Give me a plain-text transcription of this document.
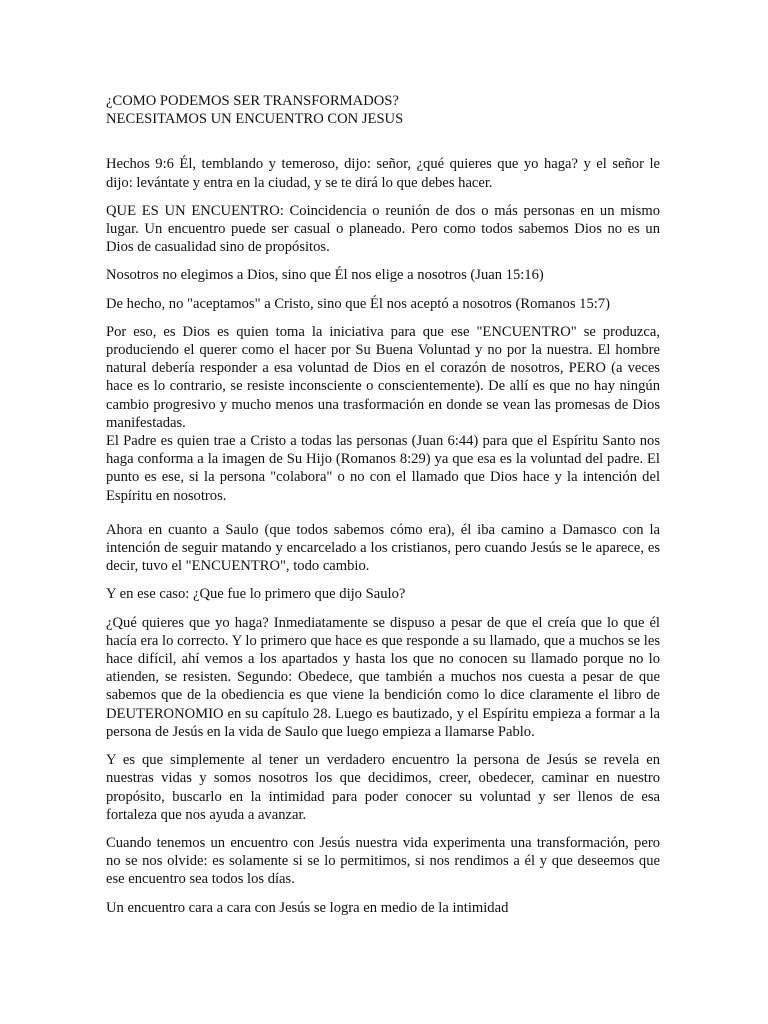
¿COMO PODEMOS SER TRANSFORMADOS?

NECESITAMOS UN ENCUENTRO CON JESUS

Hechos 9:6 Él, temblando y temeroso, dijo: señor, ¿qué quieres que yo haga? y el señor le dijo: levántate y entra en la ciudad, y se te dirá lo que debes hacer.

QUE ES UN ENCUENTRO: Coincidencia o reunión de dos o más personas en un mismo lugar. Un encuentro puede ser casual o planeado. Pero como todos sabemos Dios no es un Dios de casualidad sino de propósitos.

Nosotros no elegimos a Dios, sino que Él nos elige a nosotros (Juan 15:16)

De hecho, no "aceptamos" a Cristo, sino que Él nos aceptó a nosotros (Romanos 15:7)

Por eso, es Dios es quien toma la iniciativa para que ese "ENCUENTRO" se produzca, produciendo el querer como el hacer por Su Buena Voluntad y no por la nuestra. El hombre natural debería responder a esa voluntad de Dios en el corazón de nosotros, PERO (a veces hace es lo contrario, se resiste inconsciente o conscientemente). De allí es que no hay ningún cambio progresivo y mucho menos una trasformación en donde se vean las promesas de Dios manifestadas.

El Padre es quien trae a Cristo a todas las personas (Juan 6:44) para que el Espíritu Santo nos haga conforma a la imagen de Su Hijo (Romanos 8:29) ya que esa es la voluntad del padre. El punto es ese, si la persona "colabora" o no con el llamado que Dios hace y la intención del Espíritu en nosotros.

Ahora en cuanto a Saulo (que todos sabemos cómo era), él iba camino a Damasco con la intención de seguir matando y encarcelado a los cristianos, pero cuando Jesús se le aparece, es decir, tuvo el "ENCUENTRO", todo cambio.

Y en ese caso: ¿Que fue lo primero que dijo Saulo?

¿Qué quieres que yo haga? Inmediatamente se dispuso a pesar de que el creía que lo que él hacía era lo correcto. Y lo primero que hace es que responde a su llamado, que a muchos se les hace difícil, ahí vemos a los apartados y hasta los que no conocen su llamado porque no lo atienden, se resisten. Segundo: Obedece, que también a muchos nos cuesta a pesar de que sabemos que de la obediencia es que viene la bendición como lo dice claramente el libro de DEUTERONOMIO en su capítulo 28. Luego es bautizado, y el Espíritu empieza a formar a la persona de Jesús en la vida de Saulo que luego empieza a llamarse Pablo.

Y es que simplemente al tener un verdadero encuentro la persona de Jesús se revela en nuestras vidas y somos nosotros los que decidimos, creer, obedecer, caminar en nuestro propósito, buscarlo en la intimidad para poder conocer su voluntad y ser llenos de esa fortaleza que nos ayuda a avanzar.

Cuando tenemos un encuentro con Jesús nuestra vida experimenta una transformación, pero no se nos olvide: es solamente si se lo permitimos, si nos rendimos a él y que deseemos que ese encuentro sea todos los días.

Un encuentro cara a cara con Jesús se logra en medio de la intimidad
